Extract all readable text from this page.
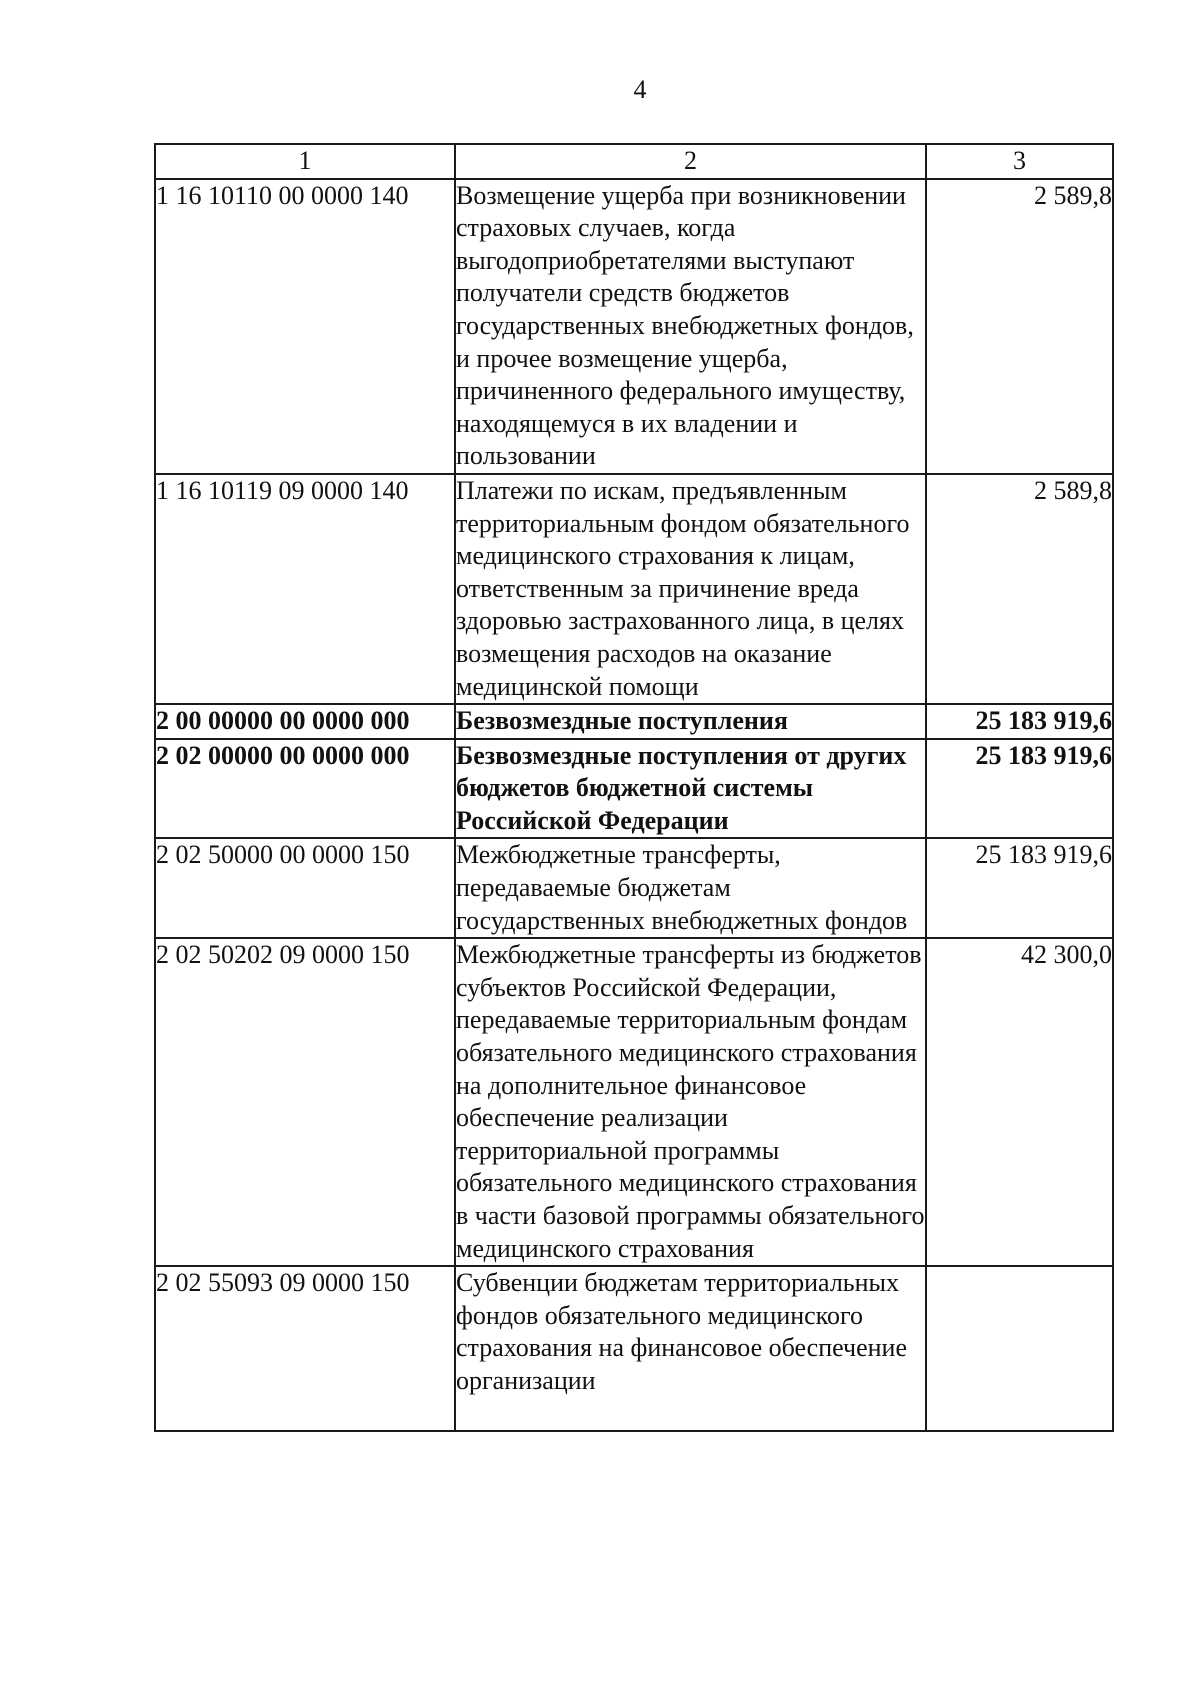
4
1	2	3
1 16 10110 00 0000 140	Возмещение ущерба при возникновении страховых случаев, когда выгодоприобретателями выступают получатели средств бюджетов государственных внебюджетных фондов, и прочее возмещение ущерба, причиненного федерального имуществу, находящемуся в их владении и пользовании	2 589,8
1 16 10119 09 0000 140	Платежи по искам, предъявленным территориальным фондом обязательного медицинского страхования к лицам, ответственным за причинение вреда здоровью застрахованного лица, в целях возмещения расходов на оказание медицинской помощи	2 589,8
2 00 00000 00 0000 000	Безвозмездные поступления	25 183 919,6
2 02 00000 00 0000 000	Безвозмездные поступления от других бюджетов бюджетной системы Российской Федерации	25 183 919,6
2 02 50000 00 0000 150	Межбюджетные трансферты, передаваемые бюджетам государственных внебюджетных фондов	25 183 919,6
2 02 50202 09 0000 150	Межбюджетные трансферты из бюджетов субъектов Российской Федерации, передаваемые территориальным фондам обязательного медицинского страхования на дополнительное финансовое обеспечение реализации территориальной программы обязательного медицинского страхования в части базовой программы обязательного медицинского страхования	42 300,0
2 02 55093 09 0000 150	Субвенции бюджетам территориальных фондов обязательного медицинского страхования на финансовое обеспечение организации	
